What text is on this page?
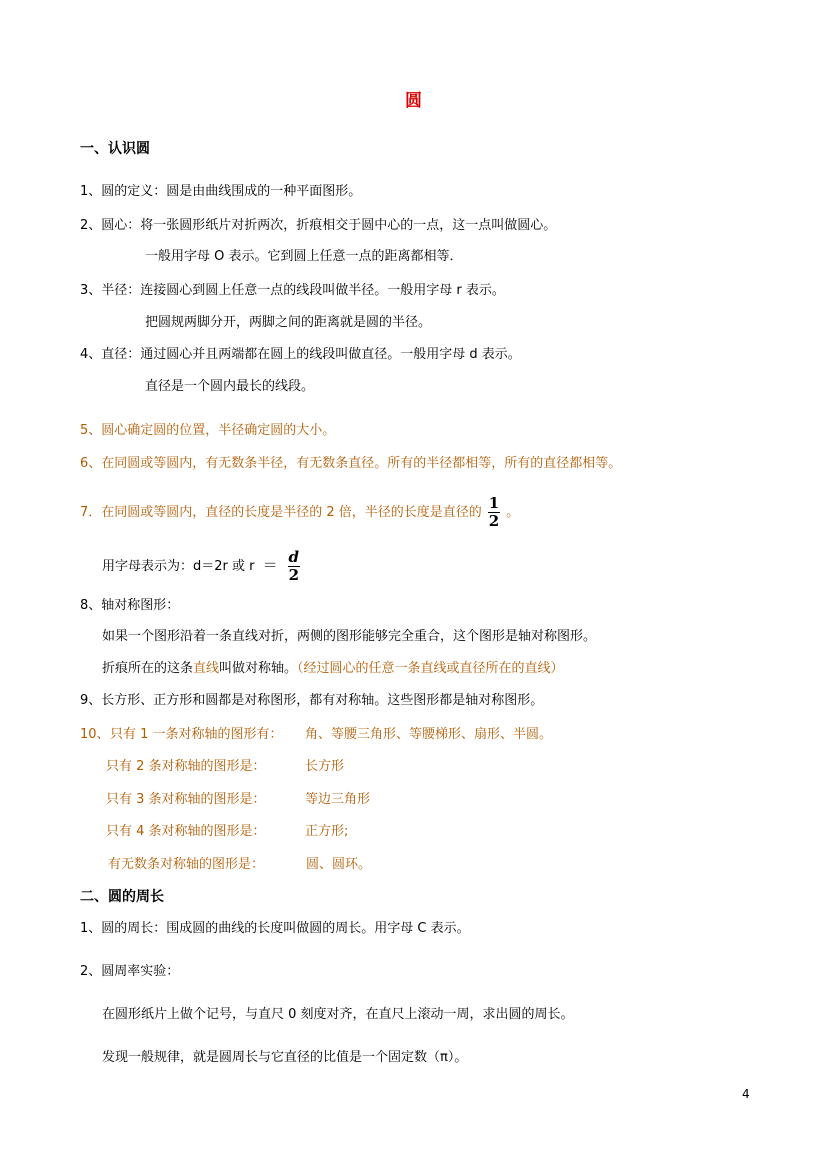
圆
一、认识圆
1、圆的定义：圆是由曲线围成的一种平面图形。
2、圆心：将一张圆形纸片对折两次，折痕相交于圆中心的一点，这一点叫做圆心。
一般用字母 O 表示。它到圆上任意一点的距离都相等．
3、半径：连接圆心到圆上任意一点的线段叫做半径。一般用字母 r 表示。
把圆规两脚分开，两脚之间的距离就是圆的半径。
4、直径：通过圆心并且两端都在圆上的线段叫做直径。一般用字母 d 表示。
直径是一个圆内最长的线段。
5、圆心确定圆的位置，半径确定圆的大小。
6、在同圆或等圆内，有无数条半径，有无数条直径。所有的半径都相等，所有的直径都相等。
7．在同圆或等圆内，直径的长度是半径的 2 倍，半径的长度是直径的 $\frac{1}{2}$ 。
用字母表示为：d＝2r 或 $r = \frac{d}{2}$
8、轴对称图形：
如果一个图形沿着一条直线对折，两侧的图形能够完全重合，这个图形是轴对称图形。
折痕所在的这条直线叫做对称轴。（经过圆心的任意一条直线或直径所在的直线）
9、长方形、正方形和圆都是对称图形，都有对称轴。这些图形都是轴对称图形。
10、 只有 1 一条对称轴的图形有： 角、等腰三角形、等腰梯形、扇形、半圆。
只有 2 条对称轴的图形是：	长方形
只有 3 条对称轴的图形是：	等边三角形
只有 4 条对称轴的图形是：	正方形;
有无数条对称轴的图形是：	圆、圆环。
二、圆的周长
1、圆的周长：围成圆的曲线的长度叫做圆的周长。用字母 C 表示。
2、圆周率实验：
在圆形纸片上做个记号，与直尺 0 刻度对齐，在直尺上滚动一周，求出圆的周长。
发现一般规律，就是圆周长与它直径的比值是一个固定数（π）。
4
